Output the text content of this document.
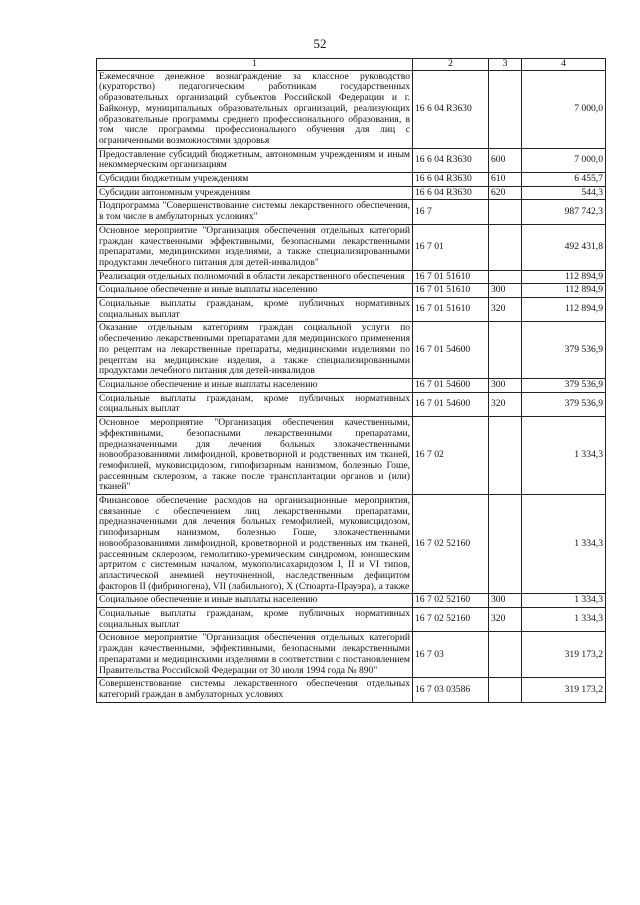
52
1	2	3	4
Ежемесячное денежное вознаграждение за классное руководство (кураторство) педагогическим работникам государственных образовательных организаций субъектов Российской Федерации и г. Байконур, муниципальных образовательных организаций, реализующих образовательные программы среднего профессионального образования, в том числе программы профессионального обучения для лиц с ограниченными возможностями здоровья	16 6 04 R3630		7 000,0
Предоставление субсидий бюджетным, автономным учреждениям и иным некоммерческим организациям	16 6 04 R3630	600	7 000,0
Субсидии бюджетным учреждениям	16 6 04 R3630	610	6 455,7
Субсидии автономным учреждениям	16 6 04 R3630	620	544,3
Подпрограмма "Совершенствование системы лекарственного обеспечения, в том числе в амбулаторных условиях"	16 7		987 742,3
Основное мероприятие "Организация обеспечения отдельных категорий граждан качественными эффективными, безопасными лекарственными препаратами, медицинскими изделиями, а также специализированными продуктами лечебного питания для детей-инвалидов"	16 7 01		492 431,8
Реализация отдельных полномочий в области лекарственного обеспечения	16 7 01 51610		112 894,9
Социальное обеспечение и иные выплаты населению	16 7 01 51610	300	112 894,9
Социальные выплаты гражданам, кроме публичных нормативных социальных выплат	16 7 01 51610	320	112 894,9
Оказание отдельным категориям граждан социальной услуги по обеспечению лекарственными препаратами для медицинского применения по рецептам на лекарственные препараты, медицинскими изделиями по рецептам на медицинские изделия, а также специализированными продуктами лечебного питания для детей-инвалидов	16 7 01 54600		379 536,9
Социальное обеспечение и иные выплаты населению	16 7 01 54600	300	379 536,9
Социальные выплаты гражданам, кроме публичных нормативных социальных выплат	16 7 01 54600	320	379 536,9
Основное мероприятие "Организация обеспечения качественными, эффективными, безопасными лекарственными препаратами, предназначенными для лечения больных злокачественными новообразованиями лимфоидной, кроветворной и родственных им тканей, гемофилией, муковисцидозом, гипофизарным нанизмом, болезнью Гоше, рассеянным склерозом, а также после трансплантации органов и (или) тканей"	16 7 02		1 334,3
Финансовое обеспечение расходов на организационные мероприятия, связанные с обеспечением лиц лекарственными препаратами, предназначенными для лечения больных гемофилией, муковисцидозом, гипофизарным нанизмом, болезнью Гоше, злокачественными новообразованиями лимфоидной, кроветворной и родственных им тканей, рассеянным склерозом, гемолитико-уремическим синдромом, юношеским артритом с системным началом, мукополисахаридозом I, II и VI типов, апластической анемией неуточненной, наследственным дефицитом факторов II (фибриногена), VII (лабильного), X (Стюарта-Прауэра), а также	16 7 02 52160		1 334,3
Социальное обеспечение и иные выплаты населению	16 7 02 52160	300	1 334,3
Социальные выплаты гражданам, кроме публичных нормативных социальных выплат	16 7 02 52160	320	1 334,3
Основное мероприятие "Организация обеспечения отдельных категорий граждан качественными, эффективными, безопасными лекарственными препаратами и медицинскими изделиями в соответствии с постановлением Правительства Российской Федерации от 30 июля 1994 года № 890"	16 7 03		319 173,2
Совершенствование системы лекарственного обеспечения отдельных категорий граждан в амбулаторных условиях	16 7 03 03586		319 173,2
